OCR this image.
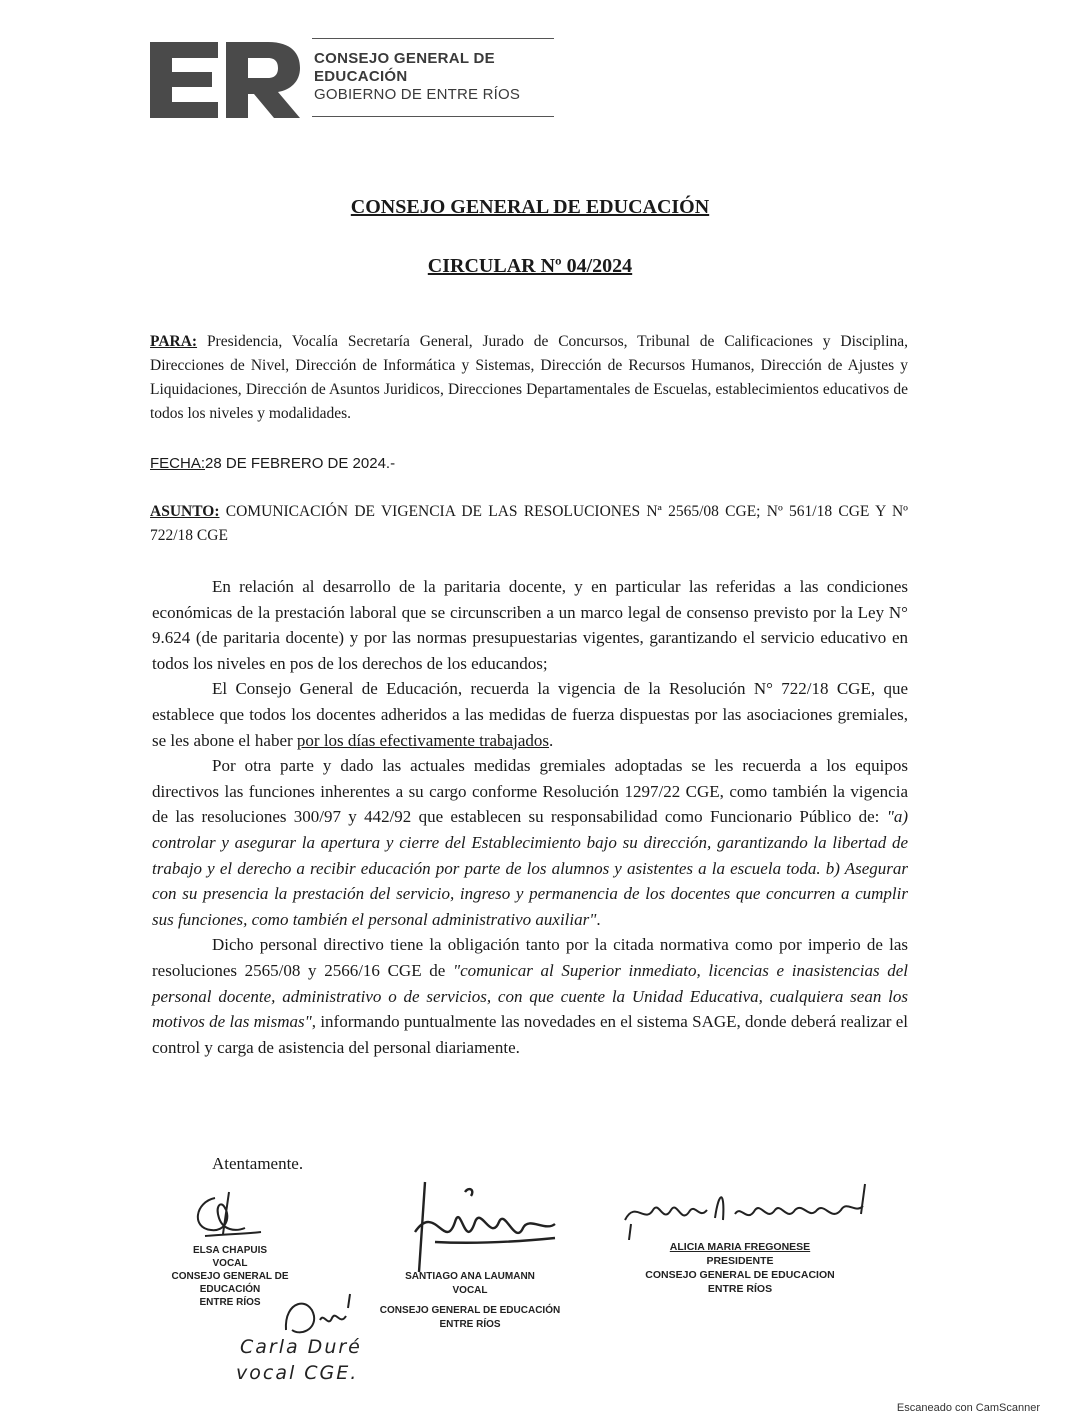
CONSEJO GENERAL DE
EDUCACIÓN
GOBIERNO DE ENTRE RÍOS
CONSEJO GENERAL DE EDUCACIÓN
CIRCULAR Nº 04/2024
PARA: Presidencia, Vocalía Secretaría General, Jurado de Concursos, Tribunal de Calificaciones y Disciplina, Direcciones de Nivel, Dirección de Informática y Sistemas, Dirección de Recursos Humanos, Dirección de Ajustes y Liquidaciones, Dirección de Asuntos Juridicos, Direcciones Departamentales de Escuelas, establecimientos educativos de todos los niveles y modalidades.
FECHA:28 DE FEBRERO DE 2024.-
ASUNTO: COMUNICACIÓN DE VIGENCIA DE LAS RESOLUCIONES Nª 2565/08 CGE; Nº 561/18 CGE Y Nº 722/18 CGE

En relación al desarrollo de la paritaria docente, y en particular las referidas a las condiciones económicas de la prestación laboral que se circunscriben a un marco legal de consenso previsto por la Ley N° 9.624 (de paritaria docente) y por las normas presupuestarias vigentes, garantizando el servicio educativo en todos los niveles en pos de los derechos de los educandos;

El Consejo General de Educación, recuerda la vigencia de la Resolución N° 722/18 CGE, que establece que todos los docentes adheridos a las medidas de fuerza dispuestas por las asociaciones gremiales, se les abone el haber por los días efectivamente trabajados.

Por otra parte y dado las actuales medidas gremiales adoptadas se les recuerda a los equipos directivos las funciones inherentes a su cargo conforme Resolución 1297/22 CGE, como también la vigencia de las resoluciones 300/97 y 442/92 que establecen su responsabilidad como Funcionario Público de: "a) controlar y asegurar la apertura y cierre del Establecimiento bajo su dirección, garantizando la libertad de trabajo y el derecho a recibir educación por parte de los alumnos y asistentes a la escuela toda. b) Asegurar con su presencia la prestación del servicio, ingreso y permanencia de los docentes que concurren a cumplir sus funciones, como también el personal administrativo auxiliar".

Dicho personal directivo tiene la obligación tanto por la citada normativa como por imperio de las resoluciones 2565/08 y 2566/16 CGE de "comunicar al Superior inmediato, licencias e inasistencias del personal docente, administrativo o de servicios, con que cuente la Unidad Educativa, cualquiera sean los motivos de las mismas", informando puntualmente las novedades en el sistema SAGE, donde deberá realizar el control y carga de asistencia del personal diariamente.

Atentamente.
ELSA CHAPUIS
VOCAL
CONSEJO GENERAL DE EDUCACIÓN
ENTRE RÍOS
SANTIAGO ANA LAUMANN
VOCAL
CONSEJO GENERAL DE EDUCACIÓN
ENTRE RÍOS
ALICIA MARIA FREGONESE
PRESIDENTE
CONSEJO GENERAL DE EDUCACION
ENTRE RÍOS
Carla Duré
vocal CGE.
Escaneado con CamScanner
